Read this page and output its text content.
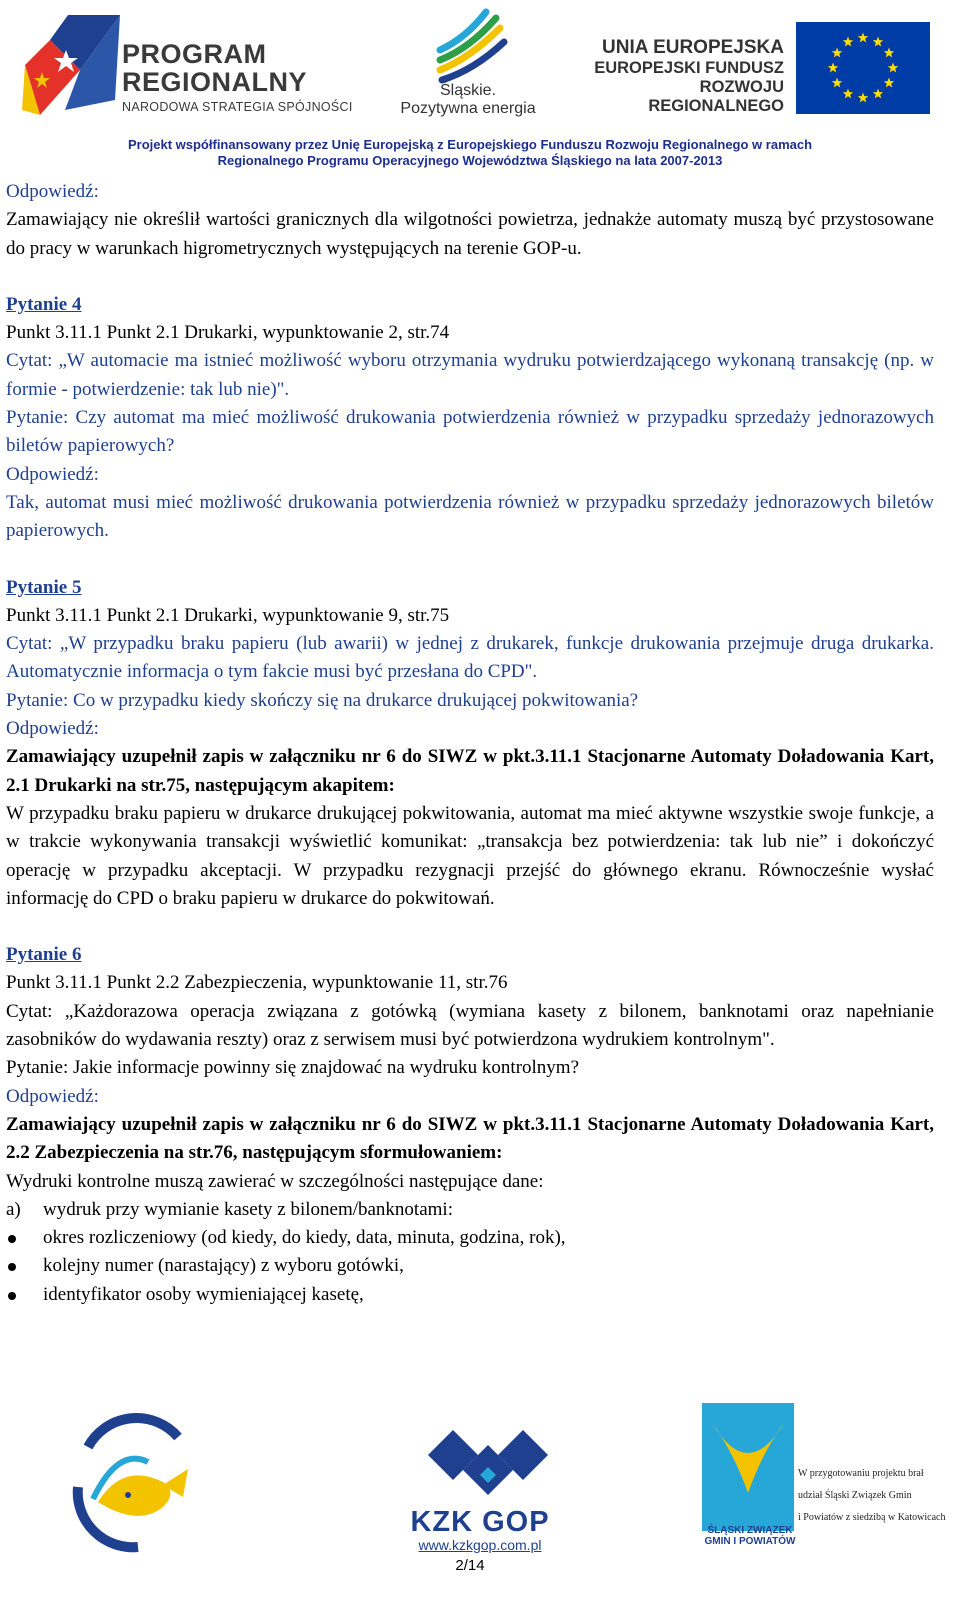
PROGRAM
REGIONALNY
NARODOWA STRATEGIA SPÓJNOŚCI
Śląskie.
Pozytywna energia
UNIA EUROPEJSKA
EUROPEJSKI FUNDUSZ
ROZWOJU REGIONALNEGO
Projekt współfinansowany przez Unię Europejską z Europejskiego Funduszu Rozwoju Regionalnego w ramach
Regionalnego Programu Operacyjnego Województwa Śląskiego na lata 2007-2013

Odpowiedź:

Zamawiający nie określił wartości granicznych dla wilgotności powietrza, jednakże automaty muszą być przystosowane do pracy w warunkach higrometrycznych występujących na terenie GOP-u.

Pytanie 4

Punkt 3.11.1 Punkt 2.1 Drukarki, wypunktowanie 2, str.74

Cytat: „W automacie ma istnieć możliwość wyboru otrzymania wydruku potwierdzającego wykonaną transakcję (np. w formie - potwierdzenie: tak lub nie)".

Pytanie: Czy automat ma mieć możliwość drukowania potwierdzenia również w przypadku sprzedaży jednorazowych biletów papierowych?

Odpowiedź:

Tak, automat musi mieć możliwość drukowania potwierdzenia również w przypadku sprzedaży jednorazowych biletów papierowych.

Pytanie 5

Punkt 3.11.1 Punkt 2.1 Drukarki, wypunktowanie 9, str.75

Cytat: „W przypadku braku papieru (lub awarii) w jednej z drukarek, funkcje drukowania przejmuje druga drukarka. Automatycznie informacja o tym fakcie musi być przesłana do CPD".

Pytanie: Co w przypadku kiedy skończy się na drukarce drukującej pokwitowania?

Odpowiedź:

Zamawiający uzupełnił zapis w załączniku nr 6 do SIWZ w pkt.3.11.1 Stacjonarne Automaty Doładowania Kart, 2.1 Drukarki na str.75, następującym akapitem:

W przypadku braku papieru w drukarce drukującej pokwitowania, automat ma mieć aktywne wszystkie swoje funkcje, a w trakcie wykonywania transakcji wyświetlić komunikat: „transakcja bez potwierdzenia: tak lub nie” i dokończyć operację w przypadku akceptacji. W przypadku rezygnacji przejść do głównego ekranu. Równocześnie wysłać informację do CPD o braku papieru w drukarce do pokwitowań.

Pytanie 6

Punkt 3.11.1 Punkt 2.2 Zabezpieczenia, wypunktowanie 11, str.76

Cytat: „Każdorazowa operacja związana z gotówką (wymiana kasety z bilonem, banknotami oraz napełnianie zasobników do wydawania reszty) oraz z serwisem musi być potwierdzona wydrukiem kontrolnym".

Pytanie: Jakie informacje powinny się znajdować na wydruku kontrolnym?

Odpowiedź:

Zamawiający uzupełnił zapis w załączniku nr 6 do SIWZ w pkt.3.11.1 Stacjonarne Automaty Doładowania Kart, 2.2 Zabezpieczenia na str.76, następującym sformułowaniem:

Wydruki kontrolne muszą zawierać w szczególności następujące dane:

a) wydruk przy wymianie kasety z bilonem/banknotami:
okres rozliczeniowy (od kiedy, do kiedy, data, minuta, godzina, rok),
kolejny numer (narastający) z wyboru gotówki,
identyfikator osoby wymieniającej kasetę,
KZK GOP
www.kzkgop.com.pl
2/14
ŚLĄSKI ZWIĄZEK
GMIN I POWIATÓW
W przygotowaniu projektu brał
udział Śląski Związek Gmin
i Powiatów z siedzibą w Katowicach
